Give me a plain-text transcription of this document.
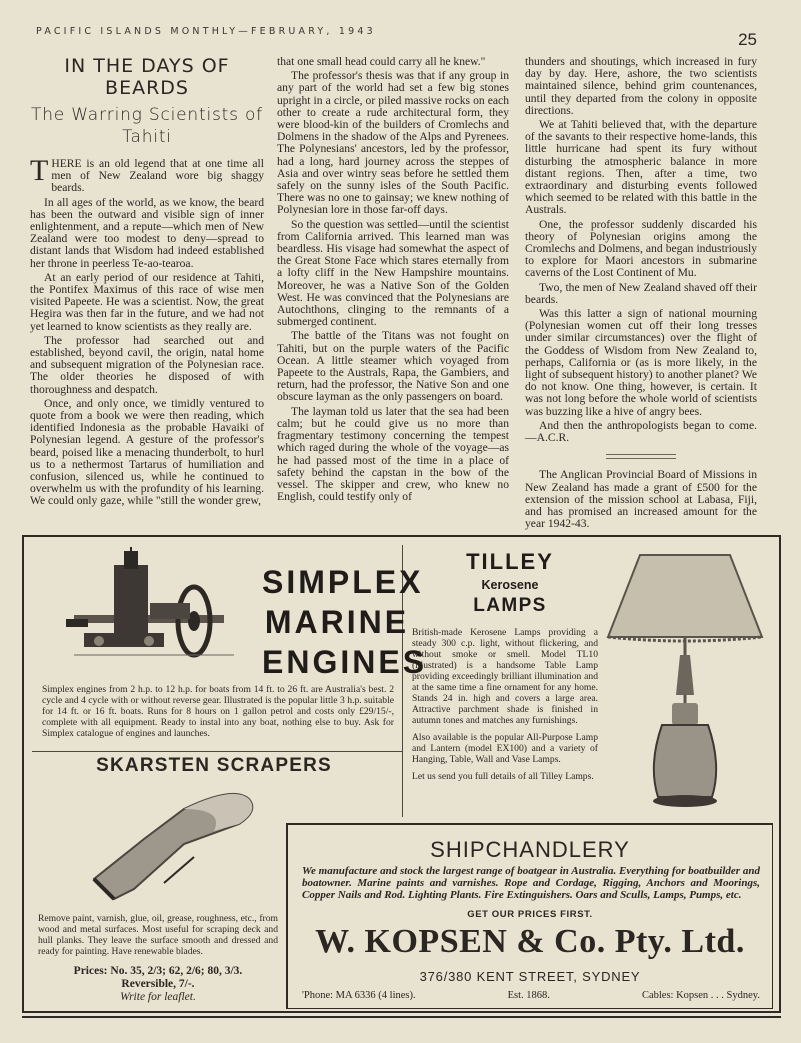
PACIFIC ISLANDS MONTHLY—FEBRUARY, 1943	25
IN THE DAYS OF BEARDS
The Warring Scientists of Tahiti

THERE is an old legend that at one time all men of New Zealand wore big shaggy beards.

In all ages of the world, as we know, the beard has been the outward and visible sign of inner enlightenment, and a repute—which men of New Zealand were too modest to deny—spread to distant lands that Wisdom had indeed established her throne in peerless Te-ao-tearoa.

At an early period of our residence at Tahiti, the Pontifex Maximus of this race of wise men visited Papeete. He was a scientist. Now, the great Hegira was then far in the future, and we had not yet learned to know scientists as they really are.

The professor had searched out and established, beyond cavil, the origin, natal home and subsequent migration of the Polynesian race. The older theories he disposed of with thoroughness and despatch.

Once, and only once, we timidly ventured to quote from a book we were then reading, which identified Indonesia as the probable Havaiki of Polynesian legend. A gesture of the professor's beard, poised like a menacing thunderbolt, to hurl us to a nethermost Tartarus of humiliation and confusion, silenced us, while he continued to overwhelm us with the profundity of his learning. We could only gaze, while "still the wonder grew,

that one small head could carry all he knew."

The professor's thesis was that if any group in any part of the world had set a few big stones upright in a circle, or piled massive rocks on each other to create a rude architectural form, they were blood-kin of the builders of Cromlechs and Dolmens in the shadow of the Alps and Pyrenees. The Polynesians' ancestors, led by the professor, had a long, hard journey across the steppes of Asia and over wintry seas before he settled them safely on the sunny isles of the South Pacific. There was no one to gainsay; we knew nothing of Polynesian lore in those far-off days.

So the question was settled—until the scientist from California arrived. This learned man was beardless. His visage had somewhat the aspect of the Great Stone Face which stares eternally from a lofty cliff in the New Hampshire mountains. Moreover, he was a Native Son of the Golden West. He was convinced that the Polynesians are Autochthons, clinging to the remnants of a submerged continent.

The battle of the Titans was not fought on Tahiti, but on the purple waters of the Pacific Ocean. A little steamer which voyaged from Papeete to the Australs, Rapa, the Gambiers, and return, had the professor, the Native Son and one obscure layman as the only passengers on board.

The layman told us later that the sea had been calm; but he could give us no more than fragmentary testimony concerning the tempest which raged during the whole of the voyage—as he had passed most of the time in a place of safety behind the capstan in the bow of the vessel. The skipper and crew, who knew no English, could testify only of

thunders and shoutings, which increased in fury day by day. Here, ashore, the two scientists maintained silence, behind grim countenances, until they departed from the colony in opposite directions.

We at Tahiti believed that, with the departure of the savants to their respective home-lands, this little hurricane had spent its fury without disturbing the atmospheric balance in more distant regions. Then, after a time, two extraordinary and disturbing events followed which seemed to be related with this battle in the Australs.

One, the professor suddenly discarded his theory of Polynesian origins among the Cromlechs and Dolmens, and began industriously to explore for Maori ancestors in submarine caverns of the Lost Continent of Mu.

Two, the men of New Zealand shaved off their beards.

Was this latter a sign of national mourning (Polynesian women cut off their long tresses under similar circumstances) over the flight of the Goddess of Wisdom from New Zealand to, perhaps, California or (as is more likely, in the light of subsequent history) to another planet? We do not know. One thing, however, is certain. It was not long before the whole world of scientists was buzzing like a hive of angry bees.

And then the anthropologists began to come.—A.C.R.

The Anglican Provincial Board of Missions in New Zealand has made a grant of £500 for the extension of the mission school at Labasa, Fiji, and has promised an increased amount for the year 1942-43.

SIMPLEX
MARINE
ENGINES
Simplex engines from 2 h.p. to 12 h.p. for boats from 14 ft. to 26 ft. are Australia's best. 2 cycle and 4 cycle with or without reverse gear. Illustrated is the popular little 3 h.p. suitable for 14 ft. or 16 ft. boats. Runs for 8 hours on 1 gallon petrol and costs only £29/15/-, complete with all equipment. Ready to instal into any boat, nothing else to buy. Ask for Simplex catalogue of engines and launches.
SKARSTEN SCRAPERS
Remove paint, varnish, glue, oil, grease, roughness, etc., from wood and metal surfaces. Most useful for scraping deck and hull planks. They leave the surface smooth and dressed and ready for painting. Have renewable blades.
Prices: No. 35, 2/3; 62, 2/6; 80, 3/3.
Reversible, 7/-.
Write for leaflet.
TILLEY
Kerosene
LAMPS

British-made Kerosene Lamps providing a steady 300 c.p. light, without flickering, and without smoke or smell. Model TL10 (illustrated) is a handsome Table Lamp providing exceedingly brilliant illumination and at the same time a fine ornament for any home. Stands 24 in. high and covers a large area. Attractive parchment shade is finished in autumn tones and matches any furnishings.

Also available is the popular All-Purpose Lamp and Lantern (model EX100) and a variety of Hanging, Table, Wall and Vase Lamps.

Let us send you full details of all Tilley Lamps.

SHIPCHANDLERY
We manufacture and stock the largest range of boatgear in Australia. Everything for boatbuilder and boatowner. Marine paints and varnishes. Rope and Cordage, Rigging, Anchors and Moorings, Copper Nails and Rod. Lighting Plants. Fire Extinguishers. Oars and Sculls, Lamps, Pumps, etc.
GET OUR PRICES FIRST.
W. KOPSEN & Co. Pty. Ltd.
376/380 KENT STREET, SYDNEY
'Phone: MA 6336 (4 lines).	Est. 1868.	Cables: Kopsen . . . Sydney.
